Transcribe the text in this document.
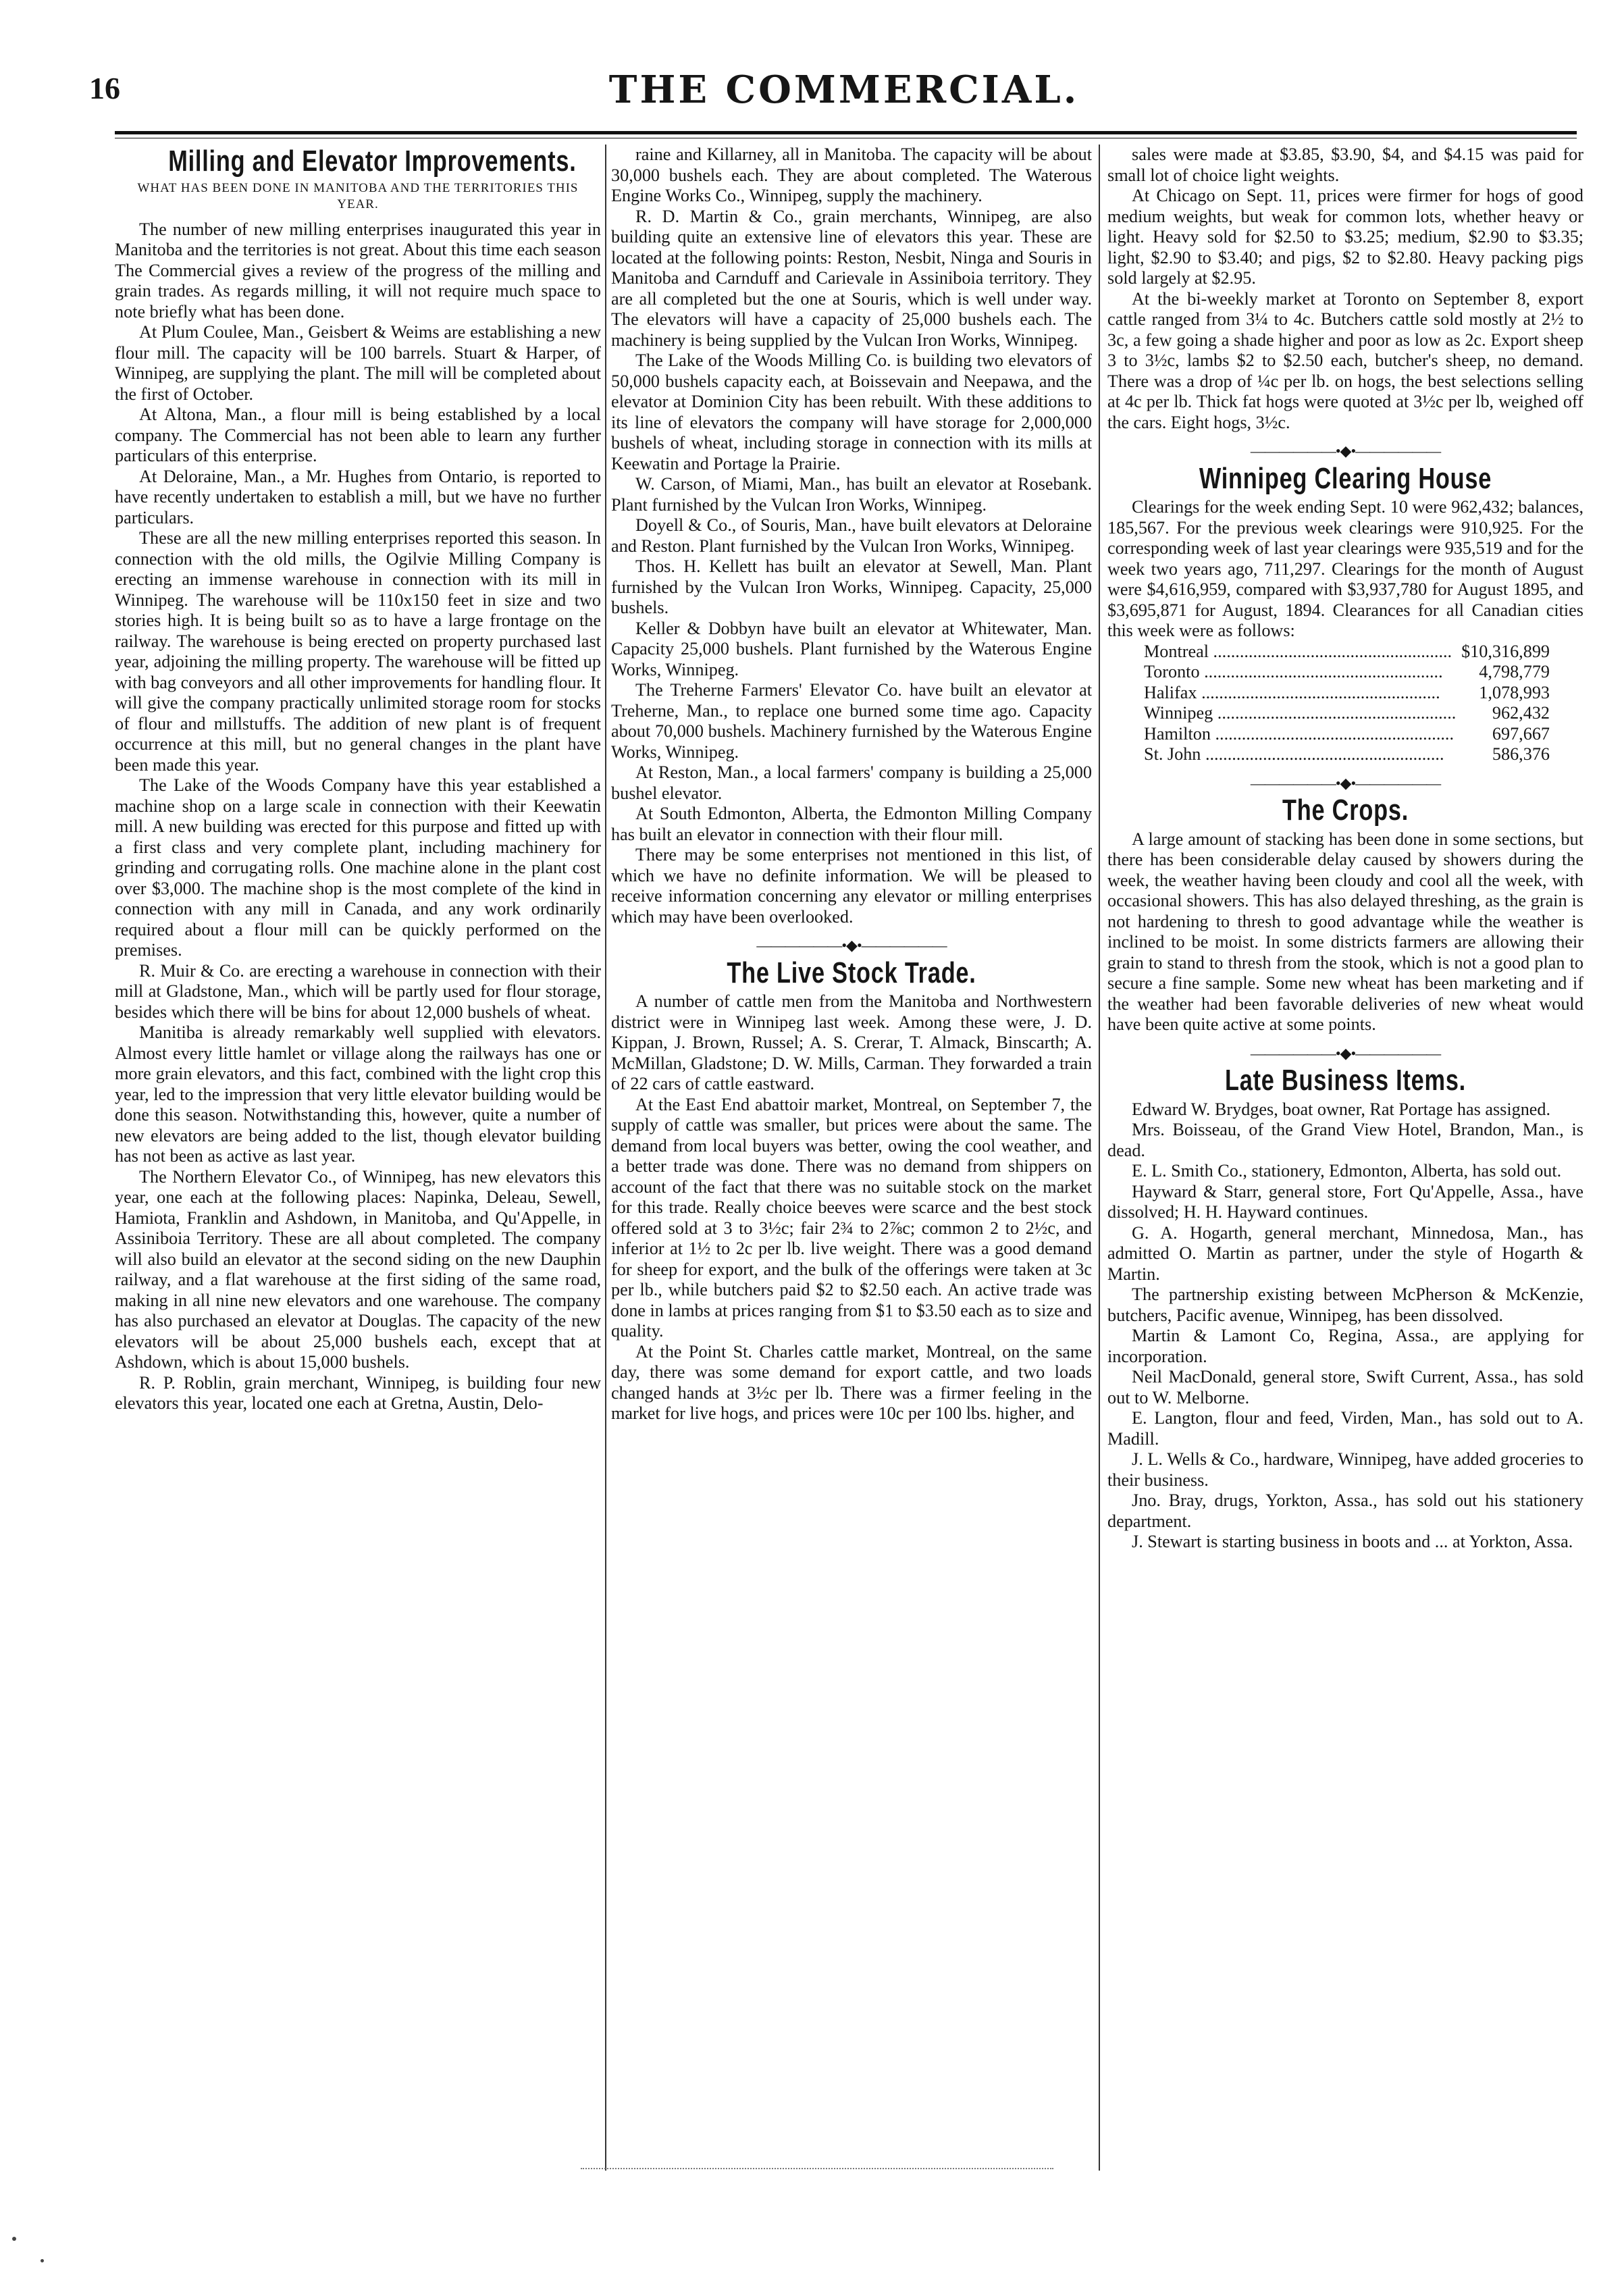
16	THE COMMERCIAL.
Milling and Elevator Improvements.
WHAT HAS BEEN DONE IN MANITOBA AND THE TERRITORIES THIS YEAR.

The number of new milling enterprises inaugurated this year in Manitoba and the territories is not great. About this time each season The Commercial gives a review of the progress of the milling and grain trades. As regards milling, it will not require much space to note briefly what has been done.

At Plum Coulee, Man., Geisbert & Weims are establishing a new flour mill. The capacity will be 100 barrels. Stuart & Harper, of Winnipeg, are supplying the plant. The mill will be completed about the first of October.

At Altona, Man., a flour mill is being established by a local company. The Commercial has not been able to learn any further particulars of this enterprise.

At Deloraine, Man., a Mr. Hughes from Ontario, is reported to have recently undertaken to establish a mill, but we have no further particulars.

These are all the new milling enterprises reported this season. In connection with the old mills, the Ogilvie Milling Company is erecting an immense warehouse in connection with its mill in Winnipeg. The warehouse will be 110x150 feet in size and two stories high. It is being built so as to have a large frontage on the railway. The warehouse is being erected on property purchased last year, adjoining the milling property. The warehouse will be fitted up with bag conveyors and all other improvements for handling flour. It will give the company practically unlimited storage room for stocks of flour and millstuffs. The addition of new plant is of frequent occurrence at this mill, but no general changes in the plant have been made this year.

The Lake of the Woods Company have this year established a machine shop on a large scale in connection with their Keewatin mill. A new building was erected for this purpose and fitted up with a first class and very complete plant, including machinery for grinding and corrugating rolls. One machine alone in the plant cost over $3,000. The machine shop is the most complete of the kind in connection with any mill in Canada, and any work ordinarily required about a flour mill can be quickly performed on the premises.

R. Muir & Co. are erecting a warehouse in connection with their mill at Gladstone, Man., which will be partly used for flour storage, besides which there will be bins for about 12,000 bushels of wheat.

Manitiba is already remarkably well supplied with elevators. Almost every little hamlet or village along the railways has one or more grain elevators, and this fact, combined with the light crop this year, led to the impression that very little elevator building would be done this season. Notwithstanding this, however, quite a number of new elevators are being added to the list, though elevator building has not been as active as last year.

The Northern Elevator Co., of Winnipeg, has new elevators this year, one each at the following places: Napinka, Deleau, Sewell, Hamiota, Franklin and Ashdown, in Manitoba, and Qu'Appelle, in Assiniboia Territory. These are all about completed. The company will also build an elevator at the second siding on the new Dauphin railway, and a flat warehouse at the first siding of the same road, making in all nine new elevators and one warehouse. The company has also purchased an elevator at Douglas. The capacity of the new elevators will be about 25,000 bushels each, except that at Ashdown, which is about 15,000 bushels.

R. P. Roblin, grain merchant, Winnipeg, is building four new elevators this year, located one each at Gretna, Austin, Delo-

raine and Killarney, all in Manitoba. The capacity will be about 30,000 bushels each. They are about completed. The Waterous Engine Works Co., Winnipeg, supply the machinery.

R. D. Martin & Co., grain merchants, Winnipeg, are also building quite an extensive line of elevators this year. These are located at the following points: Reston, Nesbit, Ninga and Souris in Manitoba and Carnduff and Carievale in Assiniboia territory. They are all completed but the one at Souris, which is well under way. The elevators will have a capacity of 25,000 bushels each. The machinery is being supplied by the Vulcan Iron Works, Winnipeg.

The Lake of the Woods Milling Co. is building two elevators of 50,000 bushels capacity each, at Boissevain and Neepawa, and the elevator at Dominion City has been rebuilt. With these additions to its line of elevators the company will have storage for 2,000,000 bushels of wheat, including storage in connection with its mills at Keewatin and Portage la Prairie.

W. Carson, of Miami, Man., has built an elevator at Rosebank. Plant furnished by the Vulcan Iron Works, Winnipeg.

Doyell & Co., of Souris, Man., have built elevators at Deloraine and Reston. Plant furnished by the Vulcan Iron Works, Winnipeg.

Thos. H. Kellett has built an elevator at Sewell, Man. Plant furnished by the Vulcan Iron Works, Winnipeg. Capacity, 25,000 bushels.

Keller & Dobbyn have built an elevator at Whitewater, Man. Capacity 25,000 bushels. Plant furnished by the Waterous Engine Works, Winnipeg.

The Treherne Farmers' Elevator Co. have built an elevator at Treherne, Man., to replace one burned some time ago. Capacity about 70,000 bushels. Machinery furnished by the Waterous Engine Works, Winnipeg.

At Reston, Man., a local farmers' company is building a 25,000 bushel elevator.

At South Edmonton, Alberta, the Edmonton Milling Company has built an elevator in connection with their flour mill.

There may be some enterprises not mentioned in this list, of which we have no definite information. We will be pleased to receive information concerning any elevator or milling enterprises which may have been overlooked.

——————•◆•——————
The Live Stock Trade.

A number of cattle men from the Manitoba and Northwestern district were in Winnipeg last week. Among these were, J. D. Kippan, J. Brown, Russel; A. S. Crerar, T. Almack, Binscarth; A. McMillan, Gladstone; D. W. Mills, Carman. They forwarded a train of 22 cars of cattle eastward.

At the East End abattoir market, Montreal, on September 7, the supply of cattle was smaller, but prices were about the same. The demand from local buyers was better, owing the cool weather, and a better trade was done. There was no demand from shippers on account of the fact that there was no suitable stock on the market for this trade. Really choice beeves were scarce and the best stock offered sold at 3 to 3½c; fair 2¾ to 2⅞c; common 2 to 2½c, and inferior at 1½ to 2c per lb. live weight. There was a good demand for sheep for export, and the bulk of the offerings were taken at 3c per lb., while butchers paid $2 to $2.50 each. An active trade was done in lambs at prices ranging from $1 to $3.50 each as to size and quality.

At the Point St. Charles cattle market, Montreal, on the same day, there was some demand for export cattle, and two loads changed hands at 3½c per lb. There was a firmer feeling in the market for live hogs, and prices were 10c per 100 lbs. higher, and

sales were made at $3.85, $3.90, $4, and $4.15 was paid for small lot of choice light weights.

At Chicago on Sept. 11, prices were firmer for hogs of good medium weights, but weak for common lots, whether heavy or light. Heavy sold for $2.50 to $3.25; medium, $2.90 to $3.35; light, $2.90 to $3.40; and pigs, $2 to $2.80. Heavy packing pigs sold largely at $2.95.

At the bi-weekly market at Toronto on September 8, export cattle ranged from 3¼ to 4c. Butchers cattle sold mostly at 2½ to 3c, a few going a shade higher and poor as low as 2c. Export sheep 3 to 3½c, lambs $2 to $2.50 each, butcher's sheep, no demand. There was a drop of ¼c per lb. on hogs, the best selections selling at 4c per lb. Thick fat hogs were quoted at 3½c per lb, weighed off the cars. Eight hogs, 3½c.

——————•◆•——————
Winnipeg Clearing House

Clearings for the week ending Sept. 10 were 962,432; balances, 185,567. For the previous week clearings were 910,925. For the corresponding week of last year clearings were 935,519 and for the week two years ago, 711,297. Clearings for the month of August were $4,616,959, compared with $3,937,780 for August 1895, and $3,695,871 for August, 1894. Clearances for all Canadian cities this week were as follows:

Montreal .....	$10,316,899
Toronto .....	4,798,779
Halifax .....	1,078,993
Winnipeg .....	962,432
Hamilton .....	697,667
St. John .....	586,376
——————•◆•——————
The Crops.

A large amount of stacking has been done in some sections, but there has been considerable delay caused by showers during the week, the weather having been cloudy and cool all the week, with occasional showers. This has also delayed threshing, as the grain is not hardening to thresh to good advantage while the weather is inclined to be moist. In some districts farmers are allowing their grain to stand to thresh from the stook, which is not a good plan to secure a fine sample. Some new wheat has been marketing and if the weather had been favorable deliveries of new wheat would have been quite active at some points.

——————•◆•——————
Late Business Items.

Edward W. Brydges, boat owner, Rat Portage has assigned.

Mrs. Boisseau, of the Grand View Hotel, Brandon, Man., is dead.

E. L. Smith Co., stationery, Edmonton, Alberta, has sold out.

Hayward & Starr, general store, Fort Qu'Appelle, Assa., have dissolved; H. H. Hayward continues.

G. A. Hogarth, general merchant, Minnedosa, Man., has admitted O. Martin as partner, under the style of Hogarth & Martin.

The partnership existing between McPherson & McKenzie, butchers, Pacific avenue, Winnipeg, has been dissolved.

Martin & Lamont Co, Regina, Assa., are applying for incorporation.

Neil MacDonald, general store, Swift Current, Assa., has sold out to W. Melborne.

E. Langton, flour and feed, Virden, Man., has sold out to A. Madill.

J. L. Wells & Co., hardware, Winnipeg, have added groceries to their business.

Jno. Bray, drugs, Yorkton, Assa., has sold out his stationery department.

J. Stewart is starting business in boots and ... at Yorkton, Assa.
